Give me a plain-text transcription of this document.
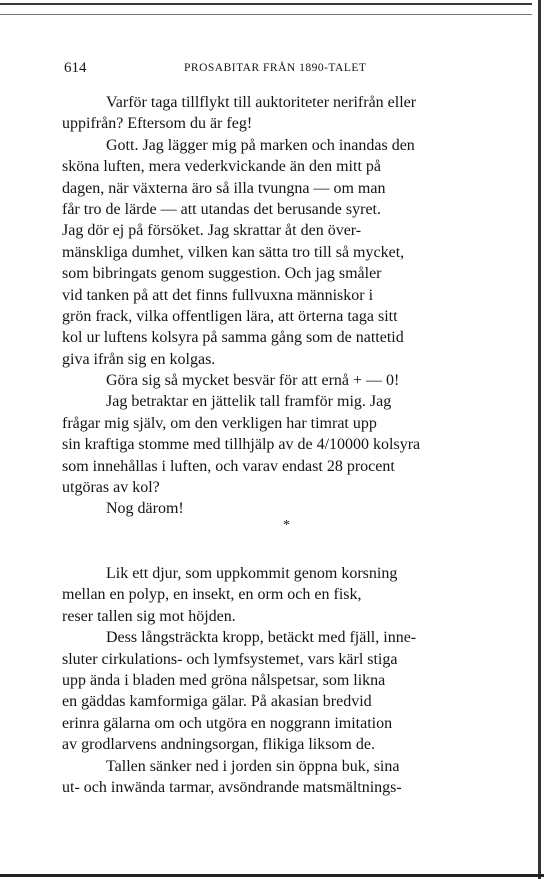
614	PROSABITAR FRÅN 1890-TALET
Varför taga tillflykt till auktoriteter nerifrån eller
uppifrån? Eftersom du är feg!
Gott. Jag lägger mig på marken och inandas den
sköna luften, mera vederkvickande än den mitt på
dagen, när växterna äro så illa tvungna — om man
får tro de lärde — att utandas det berusande syret.
Jag dör ej på försöket. Jag skrattar åt den över-
mänskliga dumhet, vilken kan sätta tro till så mycket,
som bibringats genom suggestion. Och jag småler
vid tanken på att det finns fullvuxna människor i
grön frack, vilka offentligen lära, att örterna taga sitt
kol ur luftens kolsyra på samma gång som de nattetid
giva ifrån sig en kolgas.
Göra sig så mycket besvär för att ernå + — 0!
Jag betraktar en jättelik tall framför mig. Jag
frågar mig själv, om den verkligen har timrat upp
sin kraftiga stomme med tillhjälp av de 4/10000 kolsyra
som innehållas i luften, och varav endast 28 procent
utgöras av kol?
Nog därom!
*
Lik ett djur, som uppkommit genom korsning
mellan en polyp, en insekt, en orm och en fisk,
reser tallen sig mot höjden.
Dess långsträckta kropp, betäckt med fjäll, inne-
sluter cirkulations- och lymfsystemet, vars kärl stiga
upp ända i bladen med gröna nålspetsar, som likna
en gäddas kamformiga gälar. På akasian bredvid
erinra gälarna om och utgöra en noggrann imitation
av grodlarvens andningsorgan, flikiga liksom de.
Tallen sänker ned i jorden sin öppna buk, sina
ut- och inwända tarmar, avsöndrande matsmältnings-
